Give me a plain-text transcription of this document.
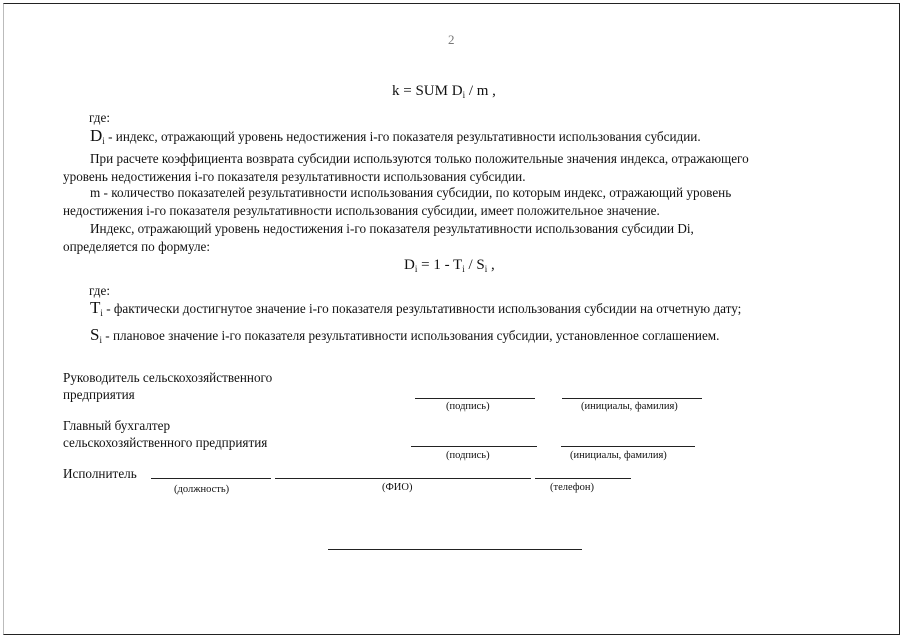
2
k = SUM $D_i$ / m ,
где:
$D_i$ - индекс, отражающий уровень недостижения i-го показателя результативности использования субсидии.
При расчете коэффициента возврата субсидии используются только положительные значения индекса, отражающего
уровень недостижения i-го показателя результативности использования субсидии.
m - количество показателей результативности использования субсидии, по которым индекс, отражающий уровень
недостижения i-го показателя результативности использования субсидии, имеет положительное значение.
Индекс, отражающий уровень недостижения i-го показателя результативности использования субсидии Di,
определяется по формуле:
$D_i = 1 - T_i / S_i$ ,
где:
$T_i$ - фактически достигнутое значение i-го показателя результативности использования субсидии на отчетную дату;
$S_i$ - плановое значение i-го показателя результативности использования субсидии, установленное соглашением.
Руководитель сельскохозяйственного
предприятия
(подпись)	(инициалы, фамилия)
Главный бухгалтер
сельскохозяйственного предприятия
(подпись)	(инициалы, фамилия)
Исполнитель
(должность)	(ФИО)	(телефон)
